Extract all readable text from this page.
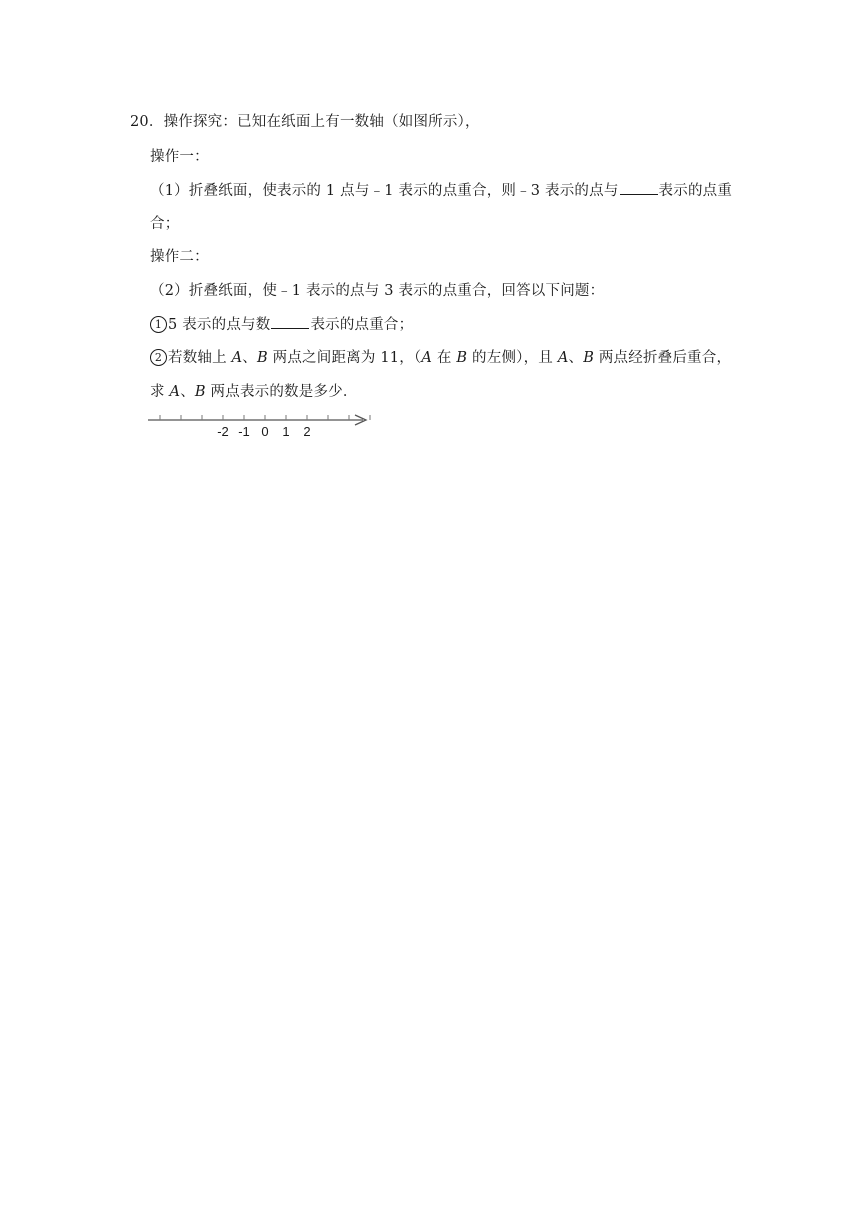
20．操作探究：已知在纸面上有一数轴（如图所示），
操作一：
（1）折叠纸面，使表示的 1 点与﹣1 表示的点重合，则﹣3 表示的点与	表示的点重
合；
操作二：
（2）折叠纸面，使﹣1 表示的点与 3 表示的点重合，回答以下问题：
1 5 表示的点与数	表示的点重合；
2 若数轴上 A、B 两点之间距离为 11，（A 在 B 的左侧），且 A、B 两点经折叠后重合，
求 A、B 两点表示的数是多少．
-2 -1 0 1 2
